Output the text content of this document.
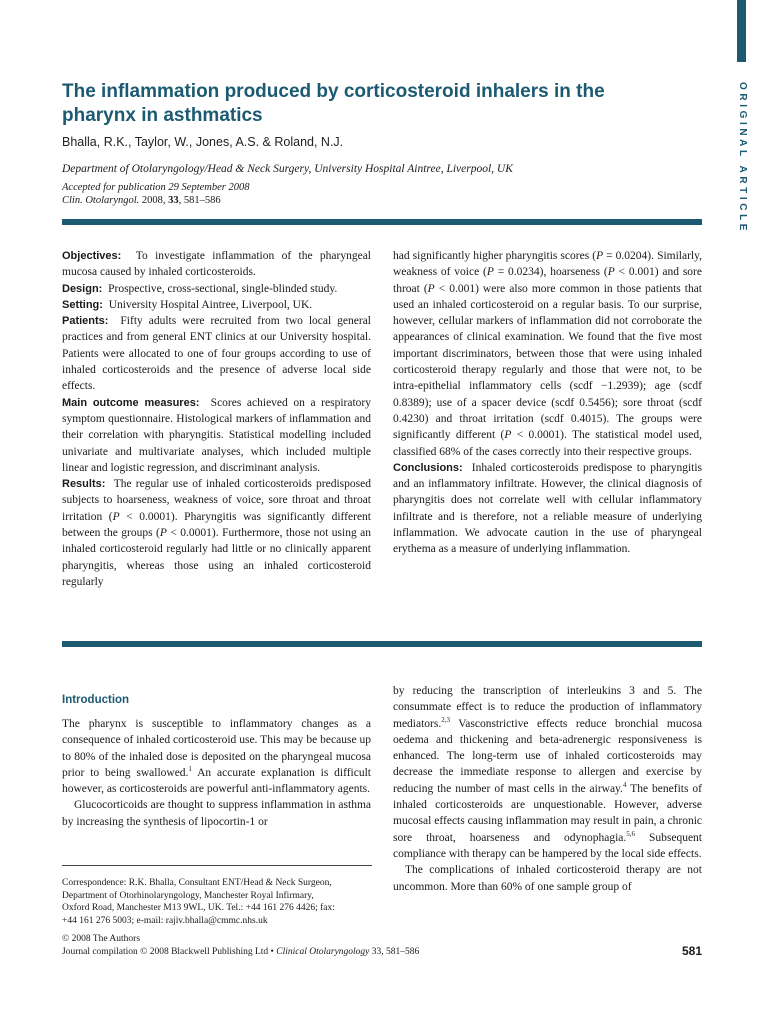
ORIGINAL ARTICLE
The inflammation produced by corticosteroid inhalers in the pharynx in asthmatics
Bhalla, R.K., Taylor, W., Jones, A.S. & Roland, N.J.
Department of Otolaryngology/Head & Neck Surgery, University Hospital Aintree, Liverpool, UK
Accepted for publication 29 September 2008
Clin. Otolaryngol. 2008, 33, 581–586

Objectives: To investigate inflammation of the pharyngeal mucosa caused by inhaled corticosteroids.

Design: Prospective, cross-sectional, single-blinded study.

Setting: University Hospital Aintree, Liverpool, UK.

Patients: Fifty adults were recruited from two local general practices and from general ENT clinics at our University hospital. Patients were allocated to one of four groups according to use of inhaled corticosteroids and the presence of adverse local side effects.

Main outcome measures: Scores achieved on a respiratory symptom questionnaire. Histological markers of inflammation and their correlation with pharyngitis. Statistical modelling included univariate and multivariate analyses, which included multiple linear and logistic regression, and discriminant analysis.

Results: The regular use of inhaled corticosteroids predisposed subjects to hoarseness, weakness of voice, sore throat and throat irritation (P < 0.0001). Pharyngitis was significantly different between the groups (P < 0.0001). Furthermore, those not using an inhaled corticosteroid regularly had little or no clinically apparent pharyngitis, whereas those using an inhaled corticosteroid regularly

had significantly higher pharyngitis scores (P = 0.0204). Similarly, weakness of voice (P = 0.0234), hoarseness (P < 0.001) and sore throat (P < 0.001) were also more common in those patients that used an inhaled corticosteroid on a regular basis. To our surprise, however, cellular markers of inflammation did not corroborate the appearances of clinical examination. We found that the five most important discriminators, between those that were using inhaled corticosteroid therapy regularly and those that were not, to be intra-epithelial inflammatory cells (scdf −1.2939); age (scdf 0.8389); use of a spacer device (scdf 0.5456); sore throat (scdf 0.4230) and throat irritation (scdf 0.4015). The groups were significantly different (P < 0.0001). The statistical model used, classified 68% of the cases correctly into their respective groups.

Conclusions: Inhaled corticosteroids predispose to pharyngitis and an inflammatory infiltrate. However, the clinical diagnosis of pharyngitis does not correlate well with cellular inflammatory infiltrate and is therefore, not a reliable measure of underlying inflammation. We advocate caution in the use of pharyngeal erythema as a measure of underlying inflammation.

Introduction

The pharynx is susceptible to inflammatory changes as a consequence of inhaled corticosteroid use. This may be because up to 80% of the inhaled dose is deposited on the pharyngeal mucosa prior to being swallowed.$^1$ An accurate explanation is difficult however, as corticosteroids are powerful anti-inflammatory agents.

Glucocorticoids are thought to suppress inflammation in asthma by increasing the synthesis of lipocortin-1 or

by reducing the transcription of interleukins 3 and 5. The consummate effect is to reduce the production of inflammatory mediators.$^{2,3}$ Vasconstrictive effects reduce bronchial mucosa oedema and thickening and beta-adrenergic responsiveness is enhanced. The long-term use of inhaled corticosteroids may decrease the immediate response to allergen and exercise by reducing the number of mast cells in the airway.$^4$ The benefits of inhaled corticosteroids are unquestionable. However, adverse mucosal effects causing inflammation may result in pain, a chronic sore throat, hoarseness and odynophagia.$^{5,6}$ Subsequent compliance with therapy can be hampered by the local side effects.

The complications of inhaled corticosteroid therapy are not uncommon. More than 60% of one sample group of

Correspondence: R.K. Bhalla, Consultant ENT/Head & Neck Surgeon,
Department of Otorhinolaryngology, Manchester Royal Infirmary,
Oxford Road, Manchester M13 9WL, UK. Tel.: +44 161 276 4426; fax:
+44 161 276 5003; e-mail: rajiv.bhalla@cmmc.nhs.uk
© 2008 The Authors
Journal compilation © 2008 Blackwell Publishing Ltd • Clinical Otolaryngology 33, 581–586	581
